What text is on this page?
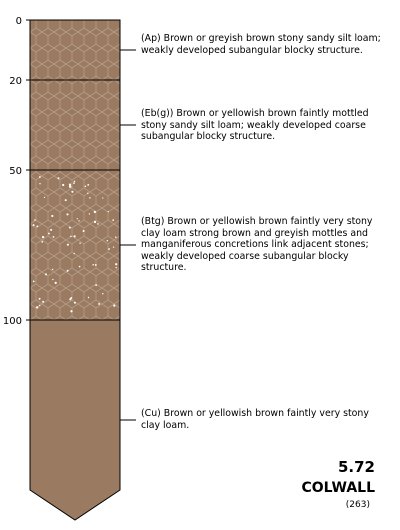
0
20
50
100
(Ap) Brown or greyish brown stony sandy silt loam; weakly developed subangular blocky structure.
(Eb(g)) Brown or yellowish brown faintly mottled stony sandy silt loam; weakly developed coarse subangular blocky structure.
(Btg) Brown or yellowish brown faintly very stony clay loam strong brown and greyish mottles and manganiferous concretions link adjacent stones; weakly developed coarse subangular blocky structure.
(Cu) Brown or yellowish brown faintly very stony clay loam.
5.72
COLWALL
(263)
